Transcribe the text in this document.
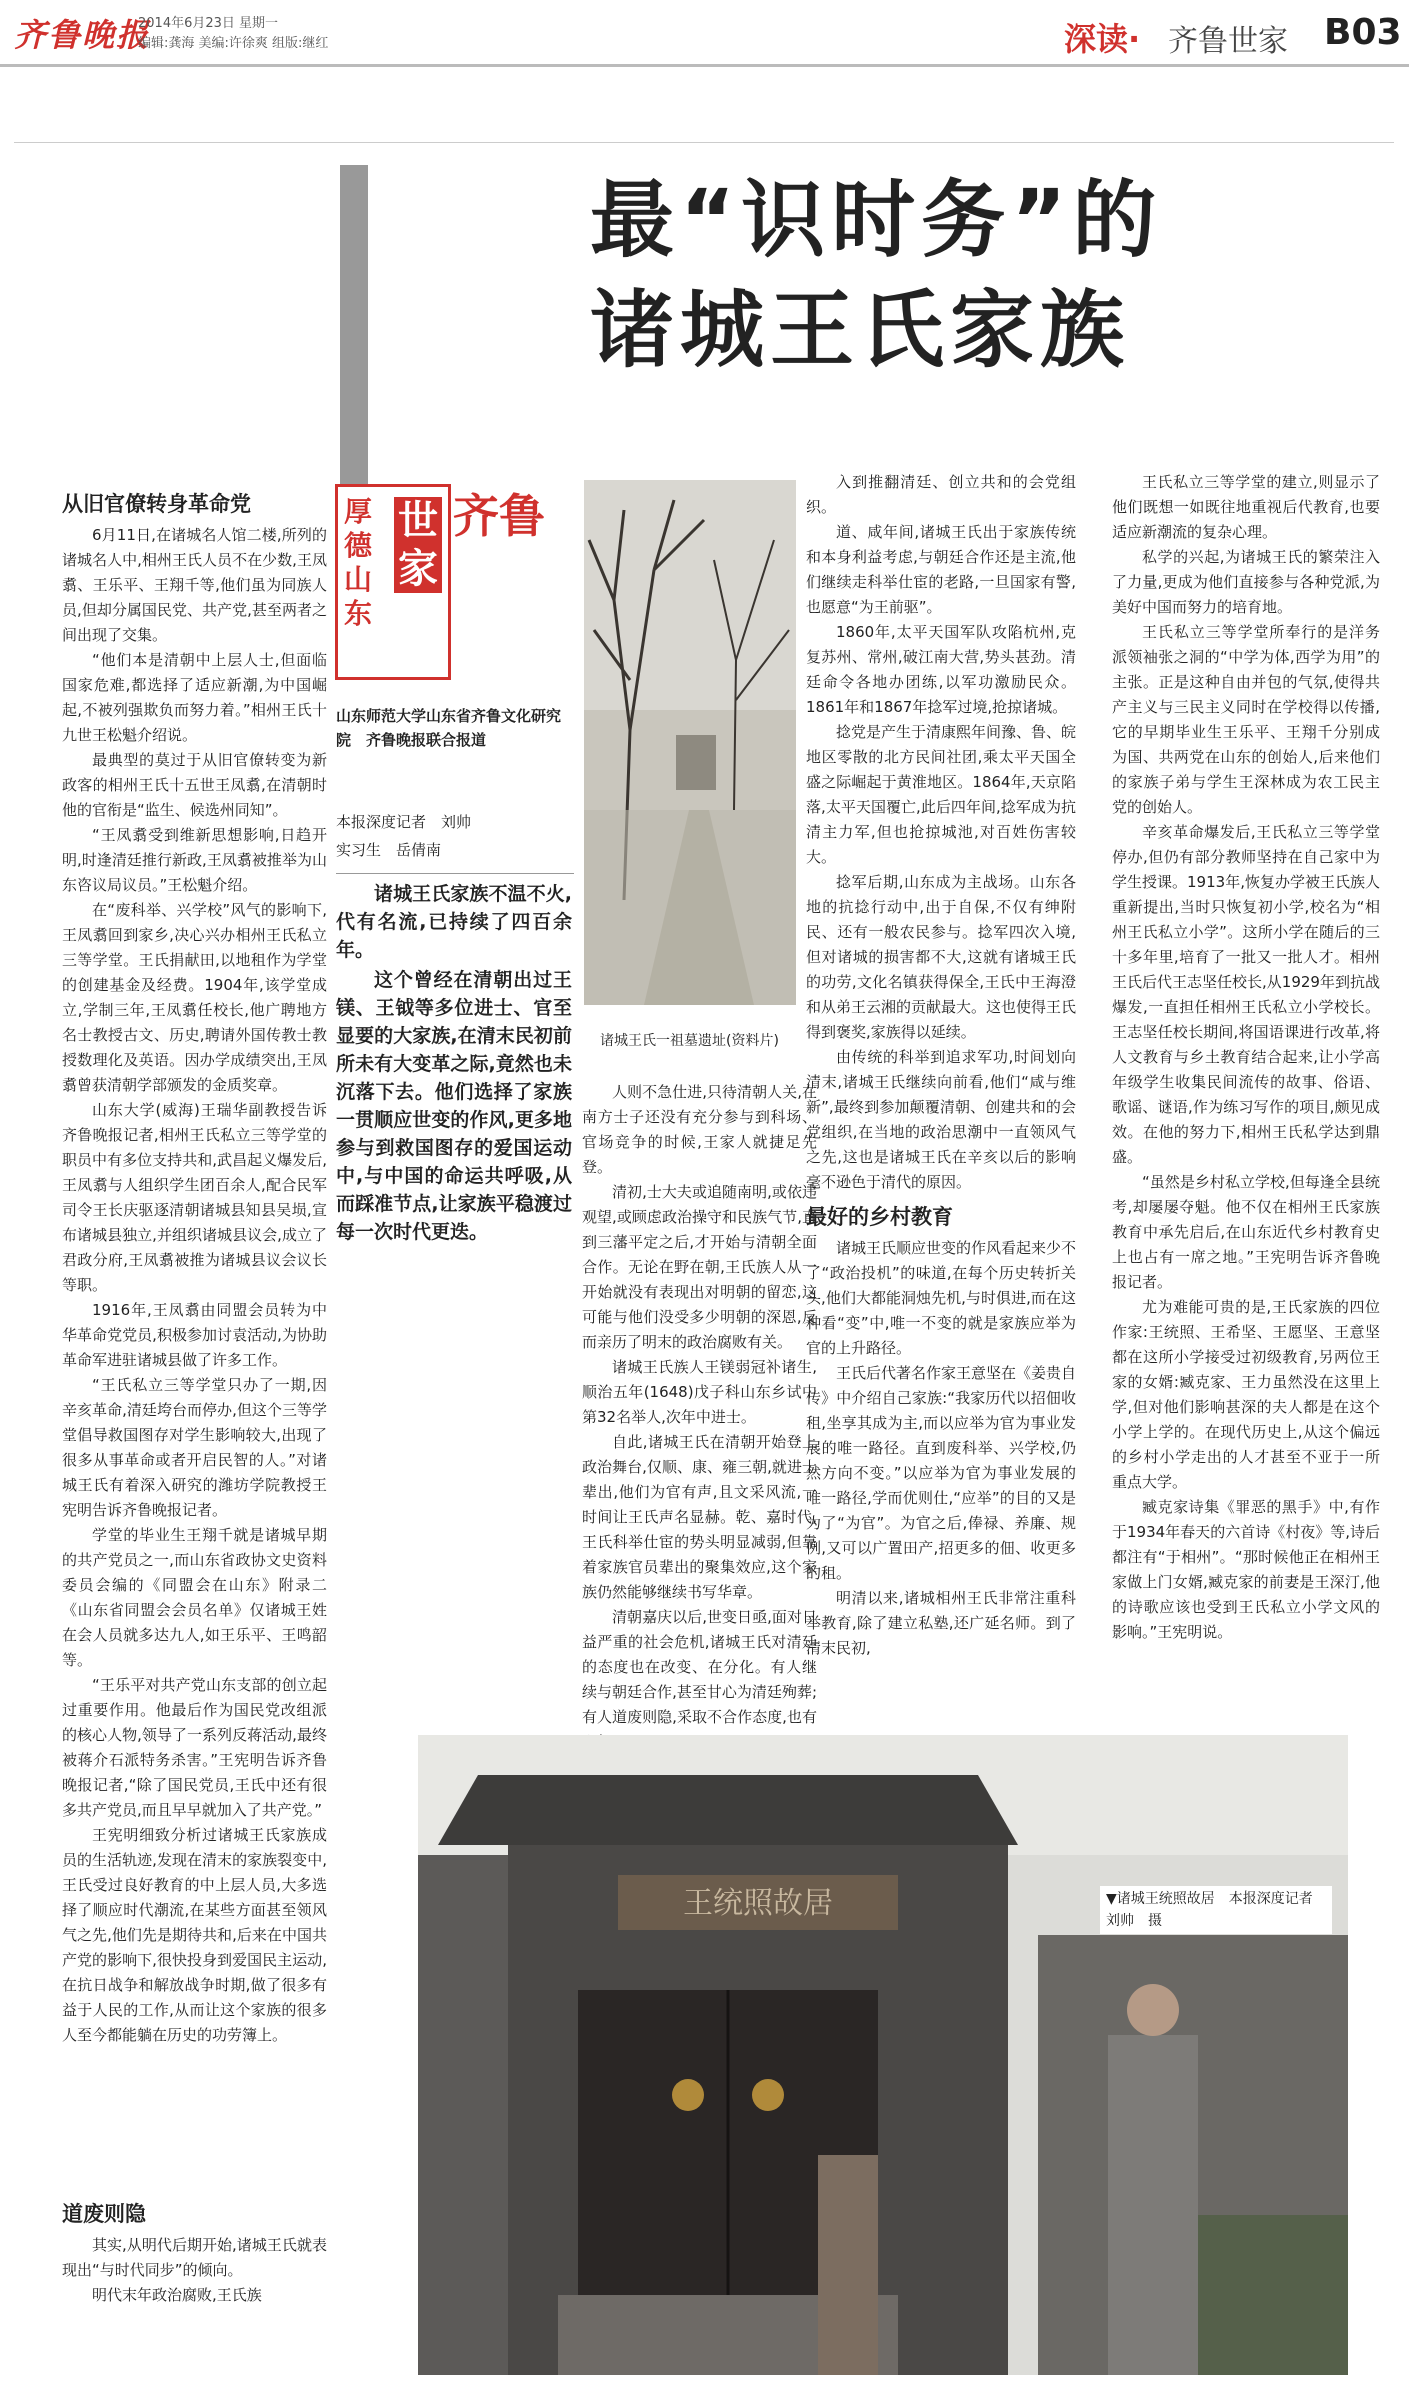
齐鲁晚报
2014年6月23日 星期一
编辑:龚海 美编:许徐爽 组版:继红	深读· 齐鲁世家 B03
最“识时务”的
诸城王氏家族
厚德山东
世家
齐鲁
山东师范大学山东省齐鲁文化研究院　齐鲁晚报联合报道
本报深度记者　刘帅
实习生　岳倩南

诸城王氏家族不温不火,代有名流,已持续了四百余年。

这个曾经在清朝出过王镁、王钺等多位进士、官至显要的大家族,在清末民初前所未有大变革之际,竟然也未沉落下去。他们选择了家族一贯顺应世变的作风,更多地参与到救国图存的爱国运动中,与中国的命运共呼吸,从而踩准节点,让家族平稳渡过每一次时代更迭。

从旧官僚转身革命党

6月11日,在诸城名人馆二楼,所列的诸城名人中,相州王氏人员不在少数,王凤翥、王乐平、王翔千等,他们虽为同族人员,但却分属国民党、共产党,甚至两者之间出现了交集。

“他们本是清朝中上层人士,但面临国家危难,都选择了适应新潮,为中国崛起,不被列强欺负而努力着。”相州王氏十九世王松魁介绍说。

最典型的莫过于从旧官僚转变为新政客的相州王氏十五世王凤翥,在清朝时他的官衔是“监生、候选州同知”。

“王凤翥受到维新思想影响,日趋开明,时逢清廷推行新政,王凤翥被推举为山东咨议局议员。”王松魁介绍。

在“废科举、兴学校”风气的影响下,王凤翥回到家乡,决心兴办相州王氏私立三等学堂。王氏捐献田,以地租作为学堂的创建基金及经费。1904年,该学堂成立,学制三年,王凤翥任校长,他广聘地方名士教授古文、历史,聘请外国传教士教授数理化及英语。因办学成绩突出,王凤翥曾获清朝学部颁发的金质奖章。

山东大学(威海)王瑞华副教授告诉齐鲁晚报记者,相州王氏私立三等学堂的职员中有多位支持共和,武昌起义爆发后,王凤翥与人组织学生团百余人,配合民军司令王长庆驱逐清朝诸城县知县吴埙,宣布诸城县独立,并组织诸城县议会,成立了君政分府,王凤翥被推为诸城县议会议长等职。

1916年,王凤翥由同盟会员转为中华革命党党员,积极参加讨袁活动,为协助革命军进驻诸城县做了许多工作。

“王氏私立三等学堂只办了一期,因辛亥革命,清廷垮台而停办,但这个三等学堂倡导救国图存对学生影响较大,出现了很多从事革命或者开启民智的人。”对诸城王氏有着深入研究的潍坊学院教授王宪明告诉齐鲁晚报记者。

学堂的毕业生王翔千就是诸城早期的共产党员之一,而山东省政协文史资料委员会编的《同盟会在山东》附录二《山东省同盟会会员名单》仅诸城王姓在会人员就多达九人,如王乐平、王鸣韶等。

“王乐平对共产党山东支部的创立起过重要作用。他最后作为国民党改组派的核心人物,领导了一系列反蒋活动,最终被蒋介石派特务杀害。”王宪明告诉齐鲁晚报记者,“除了国民党员,王氏中还有很多共产党员,而且早早就加入了共产党。”

王宪明细致分析过诸城王氏家族成员的生活轨迹,发现在清末的家族裂变中,王氏受过良好教育的中上层人员,大多选择了顺应时代潮流,在某些方面甚至领风气之先,他们先是期待共和,后来在中国共产党的影响下,很快投身到爱国民主运动,在抗日战争和解放战争时期,做了很多有益于人民的工作,从而让这个家族的很多人至今都能躺在历史的功劳簿上。

道废则隐

其实,从明代后期开始,诸城王氏就表现出“与时代同步”的倾向。

明代末年政治腐败,王氏族

诸城王氏一祖墓遗址(资料片)

人则不急仕进,只待清朝人关,在南方士子还没有充分参与到科场、官场竞争的时候,王家人就捷足先登。

清初,士大夫或追随南明,或依违观望,或顾虑政治操守和民族气节,直到三藩平定之后,才开始与清朝全面合作。无论在野在朝,王氏族人从一开始就没有表现出对明朝的留恋,这可能与他们没受多少明朝的深恩,反而亲历了明末的政治腐败有关。

诸城王氏族人王镁弱冠补诸生,顺治五年(1648)戊子科山东乡试中第32名举人,次年中进士。

自此,诸城王氏在清朝开始登上政治舞台,仅顺、康、雍三朝,就进士辈出,他们为官有声,且文采风流,一时间让王氏声名显赫。乾、嘉时代,王氏科举仕宦的势头明显减弱,但靠着家族官员辈出的聚集效应,这个家族仍然能够继续书写华章。

清朝嘉庆以后,世变日亟,面对日益严重的社会危机,诸城王氏对清廷的态度也在改变、在分化。有人继续与朝廷合作,甚至甘心为清廷殉葬;有人道废则隐,采取不合作态度,也有

入到推翻清廷、创立共和的会党组织。

道、咸年间,诸城王氏出于家族传统和本身利益考虑,与朝廷合作还是主流,他们继续走科举仕宦的老路,一旦国家有警,也愿意“为王前驱”。

1860年,太平天国军队攻陷杭州,克复苏州、常州,破江南大营,势头甚劲。清廷命令各地办团练,以军功激励民众。1861年和1867年捻军过境,抢掠诸城。

捻党是产生于清康熙年间豫、鲁、皖地区零散的北方民间社团,乘太平天国全盛之际崛起于黄淮地区。1864年,天京陷落,太平天国覆亡,此后四年间,捻军成为抗清主力军,但也抢掠城池,对百姓伤害较大。

捻军后期,山东成为主战场。山东各地的抗捻行动中,出于自保,不仅有绅附民、还有一般农民参与。捻军四次入境,但对诸城的损害都不大,这就有诸城王氏的功劳,文化名镇获得保全,王氏中王海澄和从弟王云湘的贡献最大。这也使得王氏得到褒奖,家族得以延续。

由传统的科举到追求军功,时间划向清末,诸城王氏继续向前看,他们“咸与维新”,最终到参加颠覆清朝、创建共和的会党组织,在当地的政治思潮中一直领风气之先,这也是诸城王氏在辛亥以后的影响毫不逊色于清代的原因。

最好的乡村教育

诸城王氏顺应世变的作风看起来少不了“政治投机”的味道,在每个历史转折关头,他们大都能洞烛先机,与时俱进,而在这种看“变”中,唯一不变的就是家族应举为官的上升路径。

王氏后代著名作家王意坚在《姜贵自传》中介绍自己家族:“我家历代以招佃收租,坐享其成为主,而以应举为官为事业发展的唯一路径。直到废科举、兴学校,仍然方向不变。”以应举为官为事业发展的唯一路径,学而优则仕,“应举”的目的又是为了“为官”。为官之后,俸禄、养廉、规例,又可以广置田产,招更多的佃、收更多的租。

明清以来,诸城相州王氏非常注重科举教育,除了建立私塾,还广延名师。到了清末民初,

王氏私立三等学堂的建立,则显示了他们既想一如既往地重视后代教育,也要适应新潮流的复杂心理。

私学的兴起,为诸城王氏的繁荣注入了力量,更成为他们直接参与各种党派,为美好中国而努力的培育地。

王氏私立三等学堂所奉行的是洋务派领袖张之洞的“中学为体,西学为用”的主张。正是这种自由并包的气氛,使得共产主义与三民主义同时在学校得以传播,它的早期毕业生王乐平、王翔千分别成为国、共两党在山东的创始人,后来他们的家族子弟与学生王深林成为农工民主党的创始人。

辛亥革命爆发后,王氏私立三等学堂停办,但仍有部分教师坚持在自己家中为学生授课。1913年,恢复办学被王氏族人重新提出,当时只恢复初小学,校名为“相州王氏私立小学”。这所小学在随后的三十多年里,培育了一批又一批人才。相州王氏后代王志坚任校长,从1929年到抗战爆发,一直担任相州王氏私立小学校长。王志坚任校长期间,将国语课进行改革,将人文教育与乡土教育结合起来,让小学高年级学生收集民间流传的故事、俗语、歌谣、谜语,作为练习写作的项目,颇见成效。在他的努力下,相州王氏私学达到鼎盛。

“虽然是乡村私立学校,但每逢全县统考,却屡屡夺魁。他不仅在相州王氏家族教育中承先启后,在山东近代乡村教育史上也占有一席之地。”王宪明告诉齐鲁晚报记者。

尤为难能可贵的是,王氏家族的四位作家:王统照、王希坚、王愿坚、王意坚都在这所小学接受过初级教育,另两位王家的女婿:臧克家、王力虽然没在这里上学,但对他们影响甚深的夫人都是在这个小学上学的。在现代历史上,从这个偏远的乡村小学走出的人才甚至不亚于一所重点大学。

臧克家诗集《罪恶的黑手》中,有作于1934年春天的六首诗《村夜》等,诗后都注有“于相州”。“那时候他正在相州王家做上门女婿,臧克家的前妻是王深汀,他的诗歌应该也受到王氏私立小学文风的影响。”王宪明说。

王统照故居	▼诸城王统照故居　本报深度记者　刘帅　摄
